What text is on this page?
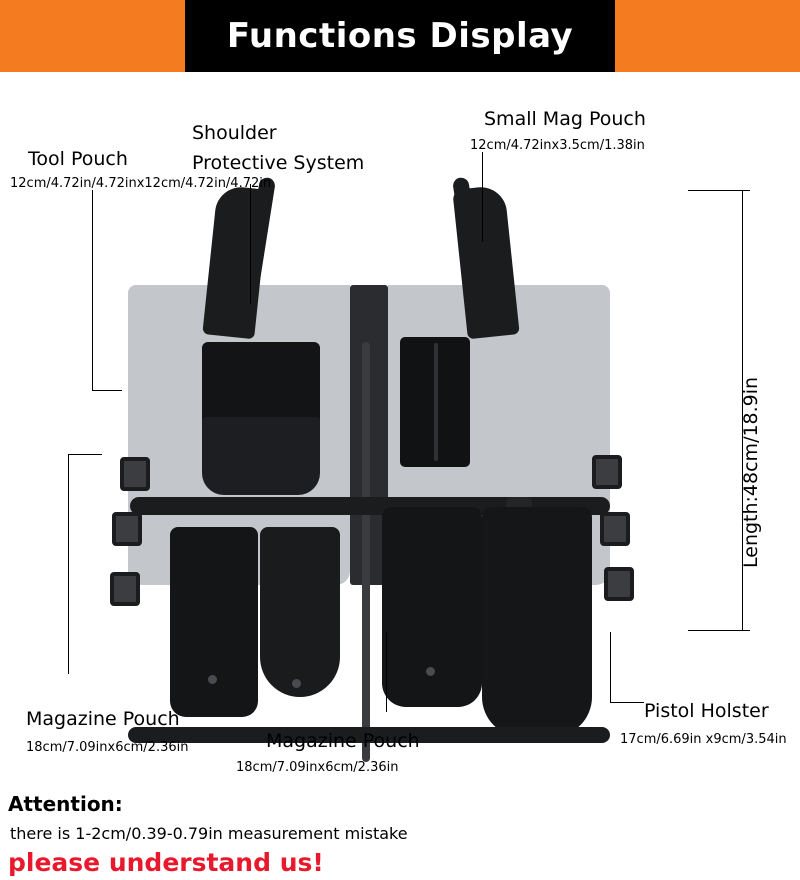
Functions Display
Tool Pouch
12cm/4.72in/4.72inx12cm/4.72in/4.72in
Shoulder
Protective System
Small Mag Pouch
12cm/4.72inx3.5cm/1.38in
Length:48cm/18.9in
Magazine Pouch
18cm/7.09inx6cm/2.36in	Magazine Pouch
18cm/7.09inx6cm/2.36in
Pistol Holster
17cm/6.69in x9cm/3.54in
Attention:
there is 1-2cm/0.39-0.79in measurement mistake
please understand us!
